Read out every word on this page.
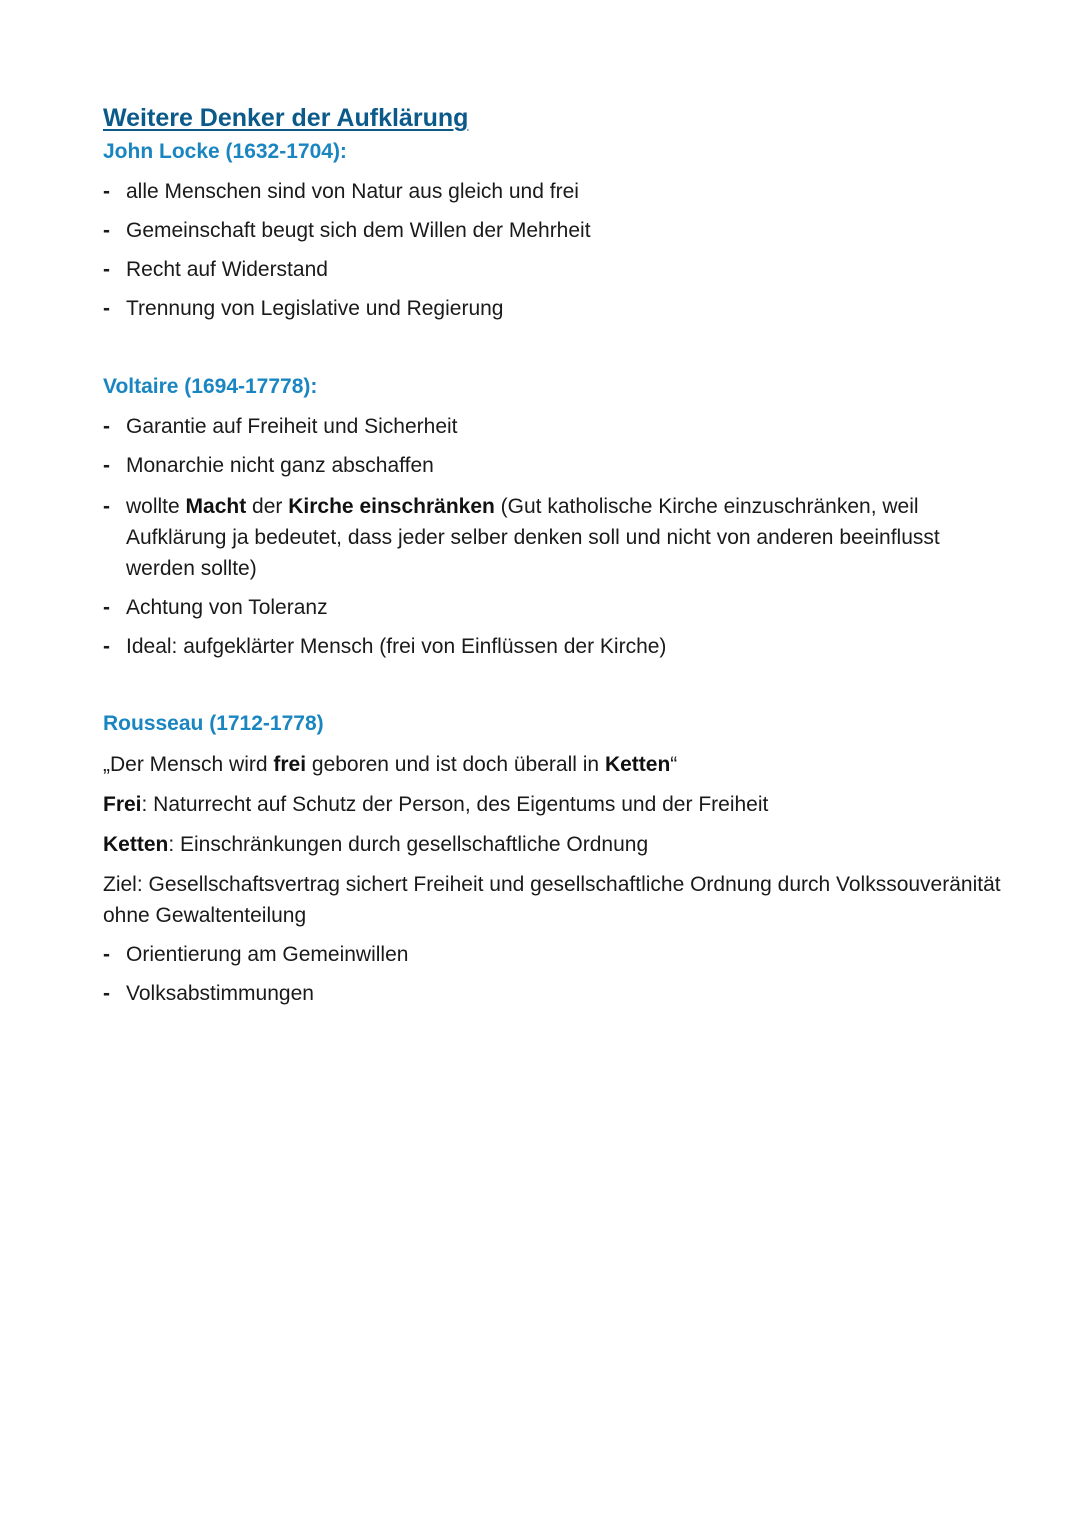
Weitere Denker der Aufklärung
John Locke (1632-1704):
- alle Menschen sind von Natur aus gleich und frei
- Gemeinschaft beugt sich dem Willen der Mehrheit
- Recht auf Widerstand
- Trennung von Legislative und Regierung
Voltaire (1694-17778):
- Garantie auf Freiheit und Sicherheit
- Monarchie nicht ganz abschaffen
- wollte Macht der Kirche einschränken (Gut katholische Kirche einzuschränken, weil Aufklärung ja bedeutet, dass jeder selber denken soll und nicht von anderen beeinflusst werden sollte)
- Achtung von Toleranz
- Ideal: aufgeklärter Mensch (frei von Einflüssen der Kirche)
Rousseau (1712-1778)

„Der Mensch wird frei geboren und ist doch überall in Ketten“

Frei: Naturrecht auf Schutz der Person, des Eigentums und der Freiheit

Ketten: Einschränkungen durch gesellschaftliche Ordnung

Ziel: Gesellschaftsvertrag sichert Freiheit und gesellschaftliche Ordnung durch Volkssouveränität ohne Gewaltenteilung

- Orientierung am Gemeinwillen
- Volksabstimmungen
